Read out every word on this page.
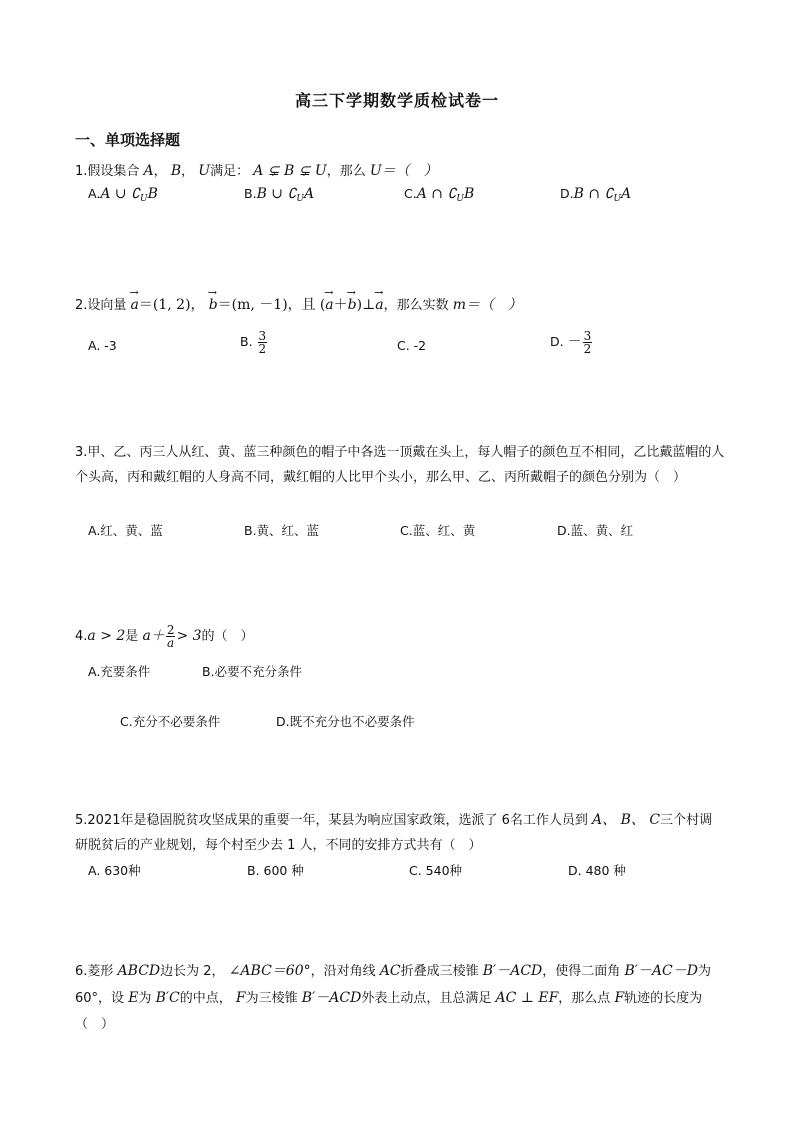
高三下学期数学质检试卷一
一、单项选择题
1.假设集合 A， B， U满足： A ⊊ B ⊊ U，那么 U＝（　）
A.A ∪ $∁_UB$	B.B ∪ $∁_UA$	C.A ∩ $∁_UB$	D.B ∩ $∁_UA$
2.设向量 → a＝(1, 2)， → b＝(m, －1)，且 (→ a＋→ b)⊥→ a，那么实数 m＝（　）
A. -3	B. $\frac{3}{2}$	C. -2	D. － $\frac{3}{2}$
3.甲、乙、丙三人从红、黄、蓝三种颜色的帽子中各选一顶戴在头上，每人帽子的颜色互不相同，乙比戴蓝帽的人个头高，丙和戴红帽的人身高不同，戴红帽的人比甲个头小，那么甲、乙、丙所戴帽子的颜色分别为（　）
A.红、黄、蓝	B.黄、红、蓝	C.蓝、红、黄	D.蓝、黄、红
4.a > 2是 $a+ \frac{2}{a} > 3$的（　）
A.充要条件	B.必要不充分条件
C.充分不必要条件	D.既不充分也不必要条件
5.2021年是稳固脱贫攻坚成果的重要一年，某县为响应国家政策，选派了 6名工作人员到 A、 B、 C三个村调研脱贫后的产业规划，每个村至少去 1 人，不同的安排方式共有（　）
A. 630种	B. 600 种	C. 540种	D. 480 种
6.菱形 ABCD边长为 2， ∠ABC＝60°，沿对角线 AC折叠成三棱锥 B′－ACD，使得二面角 B′－AC－D为 60°，设 E为 B′C的中点， F为三棱锥 B′－ACD外表上动点，且总满足 AC ⊥ EF，那么点 F轨迹的长度为（　）
